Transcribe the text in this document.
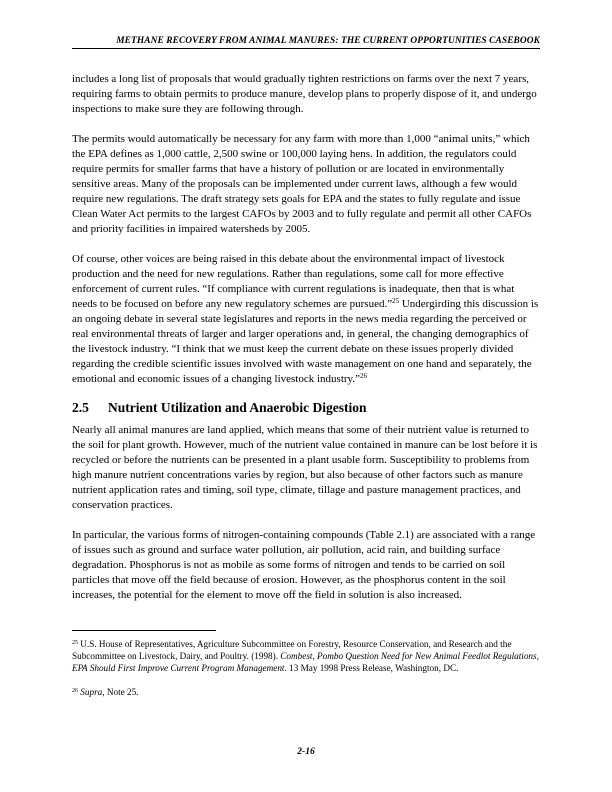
METHANE RECOVERY FROM ANIMAL MANURES: THE CURRENT OPPORTUNITIES CASEBOOK

includes a long list of proposals that would gradually tighten restrictions on farms over the next 7 years, requiring farms to obtain permits to produce manure, develop plans to properly dispose of it, and undergo inspections to make sure they are following through.

The permits would automatically be necessary for any farm with more than 1,000 “animal units,” which the EPA defines as 1,000 cattle, 2,500 swine or 100,000 laying hens. In addition, the regulators could require permits for smaller farms that have a history of pollution or are located in environmentally sensitive areas. Many of the proposals can be implemented under current laws, although a few would require new regulations. The draft strategy sets goals for EPA and the states to fully regulate and issue Clean Water Act permits to the largest CAFOs by 2003 and to fully regulate and permit all other CAFOs and priority facilities in impaired watersheds by 2005.

Of course, other voices are being raised in this debate about the environmental impact of livestock production and the need for new regulations. Rather than regulations, some call for more effective enforcement of current rules. “If compliance with current regulations is inadequate, then that is what needs to be focused on before any new regulatory schemes are pursued.”$^{25}$ Undergirding this discussion is an ongoing debate in several state legislatures and reports in the news media regarding the perceived or real environmental threats of larger and larger operations and, in general, the changing demographics of the livestock industry. “I think that we must keep the current debate on these issues properly divided regarding the credible scientific issues involved with waste management on one hand and separately, the emotional and economic issues of a changing livestock industry.”$^{26}$

2.5 Nutrient Utilization and Anaerobic Digestion

Nearly all animal manures are land applied, which means that some of their nutrient value is returned to the soil for plant growth. However, much of the nutrient value contained in manure can be lost before it is recycled or before the nutrients can be presented in a plant usable form. Susceptibility to problems from high manure nutrient concentrations varies by region, but also because of other factors such as manure nutrient application rates and timing, soil type, climate, tillage and pasture management practices, and conservation practices.

In particular, the various forms of nitrogen-containing compounds (Table 2.1) are associated with a range of issues such as ground and surface water pollution, air pollution, acid rain, and building surface degradation. Phosphorus is not as mobile as some forms of nitrogen and tends to be carried on soil particles that move off the field because of erosion. However, as the phosphorus content in the soil increases, the potential for the element to move off the field in solution is also increased.

$^{25}$ U.S. House of Representatives, Agriculture Subcommittee on Forestry, Resource Conservation, and Research and the Subcommittee on Livestock, Dairy, and Poultry. (1998). Combest, Pombo Question Need for New Animal Feedlot Regulations, EPA Should First Improve Current Program Management. 13 May 1998 Press Release, Washington, DC.

$^{26}$ Supra, Note 25.

2-16
